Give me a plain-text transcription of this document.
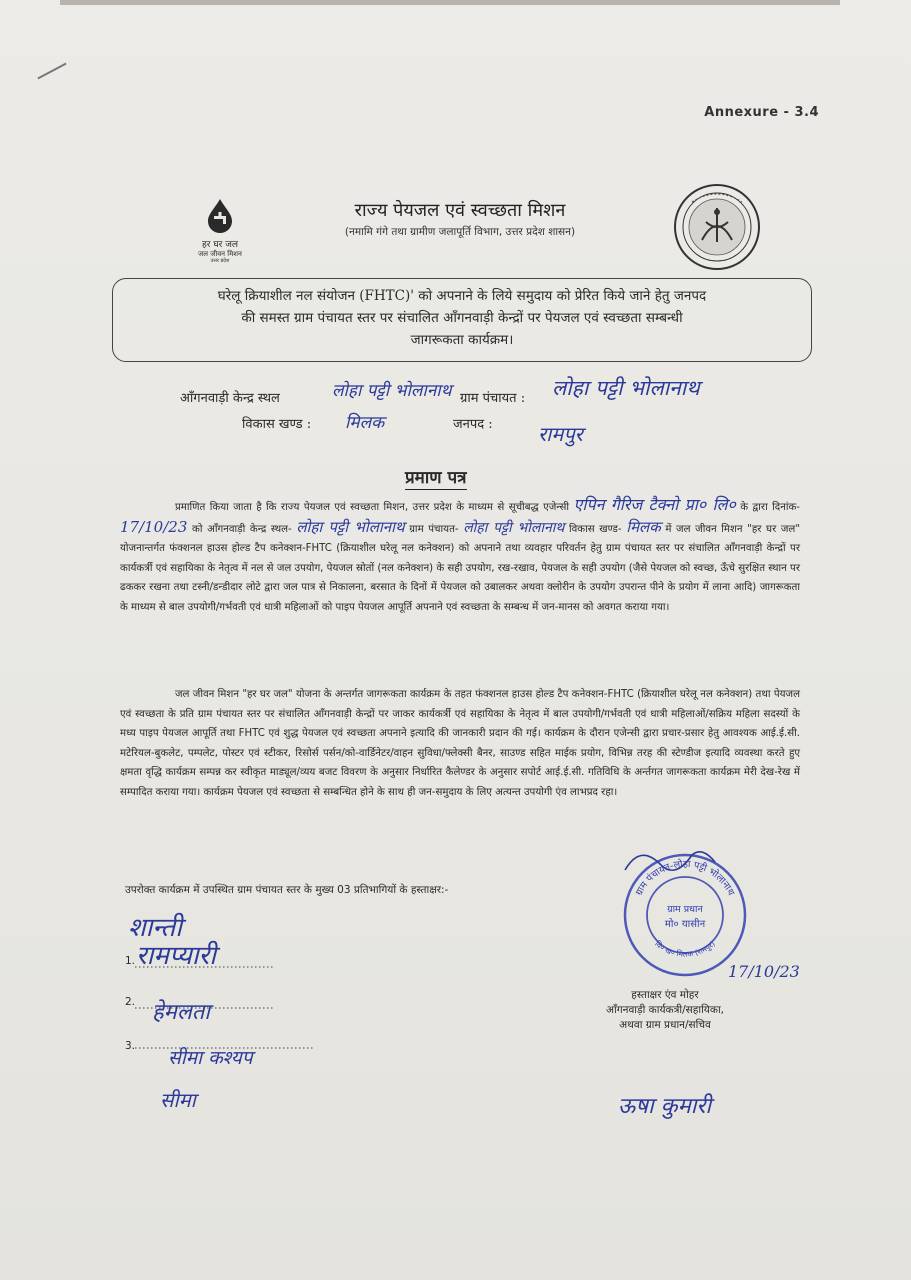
Annexure - 3.4
हर घर जल
जल जीवन मिशन
उत्तर प्रदेश
राज्य पेयजल एवं स्वच्छता मिशन
(नमामि गंगे तथा ग्रामीण जलापूर्ति विभाग, उत्तर प्रदेश शासन)
घरेलू क्रियाशील नल संयोजन (FHTC)' को अपनाने के लिये समुदाय को प्रेरित किये जाने हेतु जनपद
की समस्त ग्राम पंचायत स्तर पर संचालित आँगनवाड़ी केन्द्रों पर पेयजल एवं स्वच्छता सम्बन्धी
जागरूकता कार्यक्रम।
आँगनवाड़ी केन्द्र स्थल	लोहा पट्टी भोलानाथ ग्राम पंचायत : लोहा पट्टी भोलानाथ
विकास खण्ड : मिलक	जनपद : रामपुर
प्रमाण पत्र
प्रमाणित किया जाता है कि राज्य पेयजल एवं स्वच्छता मिशन, उत्तर प्रदेश के माध्यम से सूचीबद्ध एजेन्सी एपिन गैरिज टैक्नो प्रा० लि० के द्वारा दिनांक- 17/10/23 को आँगनवाड़ी केन्द्र स्थल- लोहा पट्टी भोलानाथ ग्राम पंचायत- लोहा पट्टी भोलानाथ विकास खण्ड- मिलक में जल जीवन मिशन "हर घर जल" योजनान्तर्गत फंक्शनल हाउस होल्ड टैप कनेक्शन-FHTC (क्रियाशील घरेलू नल कनेक्शन) को अपनाने तथा व्यवहार परिवर्तन हेतु ग्राम पंचायत स्तर पर संचालित आँगनवाड़ी केन्द्रों पर कार्यकर्त्री एवं सहायिका के नेतृत्व में नल से जल उपयोग, पेयजल स्रोतों (नल कनेक्शन) के सही उपयोग, रख-रखाव, पेयजल के सही उपयोग (जैसे पेयजल को स्वच्छ, ऊँचे सुरक्षित स्थान पर ढककर रखना तथा टस्नी/डन्डीदार लोटे द्वारा जल पात्र से निकालना, बरसात के दिनों में पेयजल को उबालकर अथवा क्लोरीन के उपयोग उपरान्त पीने के प्रयोग में लाना आदि) जागरूकता के माध्यम से बाल उपयोगी/गर्भवती एवं धात्री महिलाओं को पाइप पेयजल आपूर्ति अपनाने एवं स्वच्छता के सम्बन्ध में जन-मानस को अवगत कराया गया।
जल जीवन मिशन "हर घर जल" योजना के अन्तर्गत जागरूकता कार्यक्रम के तहत फंक्शनल हाउस होल्ड टैप कनेक्शन-FHTC (क्रियाशील घरेलू नल कनेक्शन) तथा पेयजल एवं स्वच्छता के प्रति ग्राम पंचायत स्तर पर संचालित आँगनवाड़ी केन्द्रों पर जाकर कार्यकर्त्री एवं सहायिका के नेतृत्व में बाल उपयोगी/गर्भवती एवं धात्री महिलाओं/सक्रिय महिला सदस्यों के मध्य पाइप पेयजल आपूर्ति तथा FHTC एवं शुद्ध पेयजल एवं स्वच्छता अपनाने इत्यादि की जानकारी प्रदान की गई। कार्यक्रम के दौरान एजेन्सी द्वारा प्रचार-प्रसार हेतु आवश्यक आई.ई.सी. मटेरियल-बुकलेट, पम्पलेट, पोस्टर एवं स्टीकर, रिसोर्स पर्सन/को-वार्डिनेटर/वाहन सुविधा/फ्लेक्सी बैनर, साउण्ड सहित माईक प्रयोग, विभिन्न तरह की स्टेण्डीज इत्यादि व्यवस्था करते हुए क्षमता वृद्धि कार्यक्रम सम्पन्न कर स्वीकृत माड्यूल/व्यय बजट विवरण के अनुसार निर्धारित कैलेण्डर के अनुसार सपोर्ट आई.ई.सी. गतिविधि के अर्न्तगत जागरूकता कार्यक्रम मेरी देख-रेख में सम्पादित कराया गया। कार्यक्रम पेयजल एवं स्वच्छता से सम्बन्धित होने के साथ ही जन-समुदाय के लिए अत्यन्त उपयोगी एंव लाभप्रद रहा।
उपरोक्त कार्यक्रम में उपस्थित ग्राम पंचायत स्तर के मुख्य 03 प्रतिभागियों के हस्ताक्षर:-
शान्ती
1. रामप्यारी
2. हेमलता
3.
सीमा कश्यप
सीमा
ग्राम पंचायत-लोहा पट्टी भोलानाथ
वि० ख० मिलक (रामपुर)
ग्राम प्रधान
मो० यासीन
17/10/23
हस्ताक्षर एंव मोहर
आँगनवाड़ी कार्यकत्री/सहायिका,
अथवा ग्राम प्रधान/सचिव
ऊषा कुमारी
